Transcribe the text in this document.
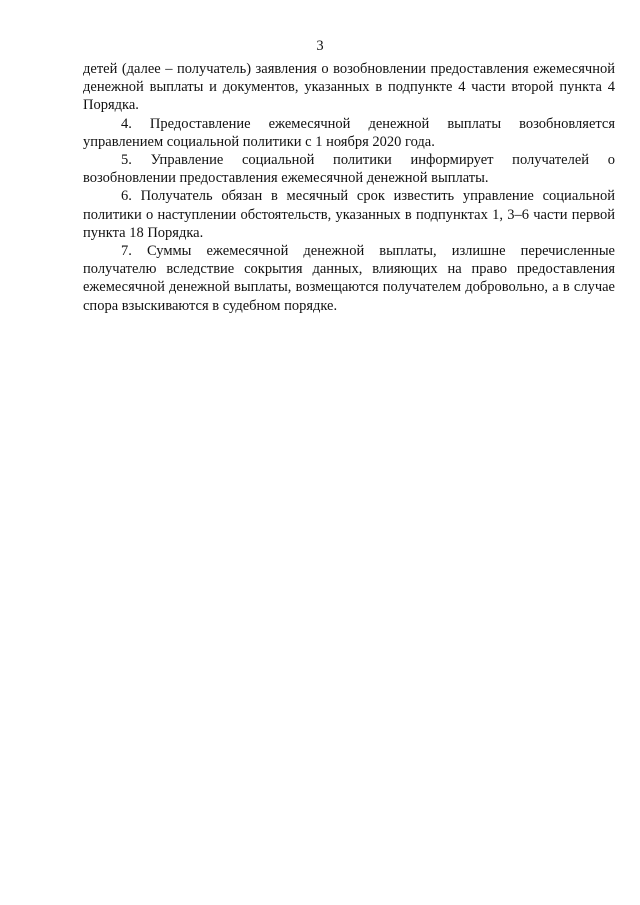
3

детей (далее – получатель) заявления о возобновлении предоставления ежемесячной денежной выплаты и документов, указанных в подпункте 4 части второй пункта 4 Порядка.

4. Предоставление ежемесячной денежной выплаты возобновляется управлением социальной политики с 1 ноября 2020 года.

5. Управление социальной политики информирует получателей о возобновлении предоставления ежемесячной денежной выплаты.

6. Получатель обязан в месячный срок известить управление социальной политики о наступлении обстоятельств, указанных в подпунктах 1, 3–6 части первой пункта 18 Порядка.

7. Суммы ежемесячной денежной выплаты, излишне перечисленные получателю вследствие сокрытия данных, влияющих на право предоставления ежемесячной денежной выплаты, возмещаются получателем добровольно, а в случае спора взыскиваются в судебном порядке.
